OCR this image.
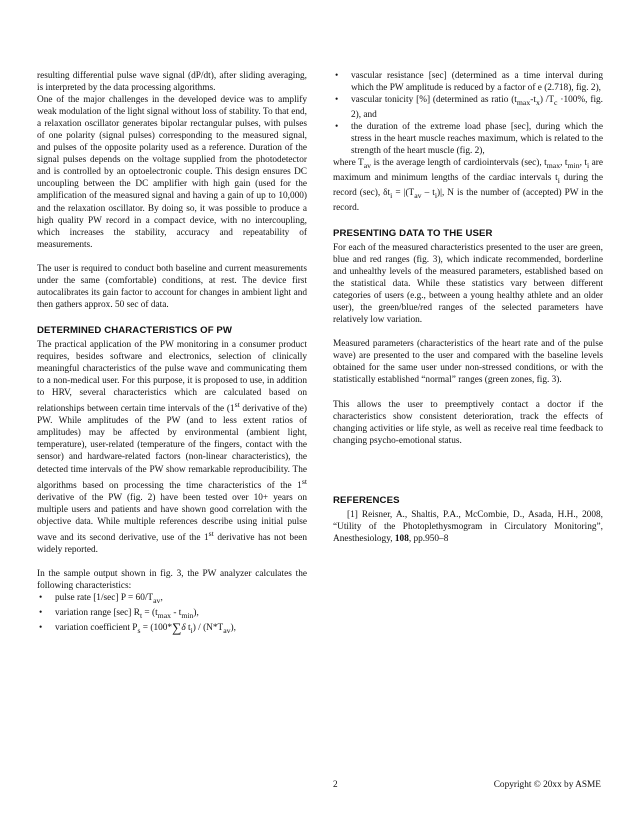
resulting differential pulse wave signal (dP/dt), after sliding averaging, is interpreted by the data processing algorithms.

One of the major challenges in the developed device was to amplify weak modulation of the light signal without loss of stability. To that end, a relaxation oscillator generates bipolar rectangular pulses, with pulses of one polarity (signal pulses) corresponding to the measured signal, and pulses of the opposite polarity used as a reference. Duration of the signal pulses depends on the voltage supplied from the photodetector and is controlled by an optoelectronic couple. This design ensures DC uncoupling between the DC amplifier with high gain (used for the amplification of the measured signal and having a gain of up to 10,000) and the relaxation oscillator. By doing so, it was possible to produce a high quality PW record in a compact device, with no intercoupling, which increases the stability, accuracy and repeatability of measurements.

The user is required to conduct both baseline and current measurements under the same (comfortable) conditions, at rest. The device first autocalibrates its gain factor to account for changes in ambient light and then gathers approx. 50 sec of data.

DETERMINED CHARACTERISTICS OF PW

The practical application of the PW monitoring in a consumer product requires, besides software and electronics, selection of clinically meaningful characteristics of the pulse wave and communicating them to a non-medical user. For this purpose, it is proposed to use, in addition to HRV, several characteristics which are calculated based on relationships between certain time intervals of the (1st derivative of the) PW. While amplitudes of the PW (and to less extent ratios of amplitudes) may be affected by environmental (ambient light, temperature), user-related (temperature of the fingers, contact with the sensor) and hardware-related factors (non-linear characteristics), the detected time intervals of the PW show remarkable reproducibility. The algorithms based on processing the time characteristics of the 1st derivative of the PW (fig. 2) have been tested over 10+ years on multiple users and patients and have shown good correlation with the objective data. While multiple references describe using initial pulse wave and its second derivative, use of the 1st derivative has not been widely reported.

In the sample output shown in fig. 3, the PW analyzer calculates the following characteristics:

• pulse rate [1/sec] $P = 60/T_{av}$,
• variation range [sec] $R_t = (t_{max} - t_{min})$,
• variation coefficient $P_s = (100*\sum\delta$ $t_i) / (N*T_{av})$,
• vascular resistance [sec] (determined as a time interval during which the PW amplitude is reduced by a factor of e (2.718), fig. 2),
• vascular tonicity [%] (determined as ratio $(t_{max}-t_x)$ $/T_c \cdot 100\%$, fig. 2), and
• the duration of the extreme load phase [sec], during which the stress in the heart muscle reaches maximum, which is related to the strength of the heart muscle (fig. 2),

where $T_{av}$ is the average length of cardiointervals (sec), $t_{max}$, $t_{min}$, $t_i$ are maximum and minimum lengths of the cardiac intervals $t_i$ during the record (sec), $\delta t_i = |(T_{av} - t_i)|$, N is the number of (accepted) PW in the record.

PRESENTING DATA TO THE USER

For each of the measured characteristics presented to the user are green, blue and red ranges (fig. 3), which indicate recommended, borderline and unhealthy levels of the measured parameters, established based on the statistical data. While these statistics vary between different categories of users (e.g., between a young healthy athlete and an older user), the green/blue/red ranges of the selected parameters have relatively low variation.

Measured parameters (characteristics of the heart rate and of the pulse wave) are presented to the user and compared with the baseline levels obtained for the same user under non-stressed conditions, or with the statistically established “normal” ranges (green zones, fig. 3).

This allows the user to preemptively contact a doctor if the characteristics show consistent deterioration, track the effects of changing activities or life style, as well as receive real time feedback to changing psycho-emotional status.

REFERENCES

[1] Reisner, A., Shaltis, P.A., McCombie, D., Asada, H.H., 2008, “Utility of the Photoplethysmogram in Circulatory Monitoring”, Anesthesiology, 108, pp.950–8

2	Copyright © 20xx by ASME
